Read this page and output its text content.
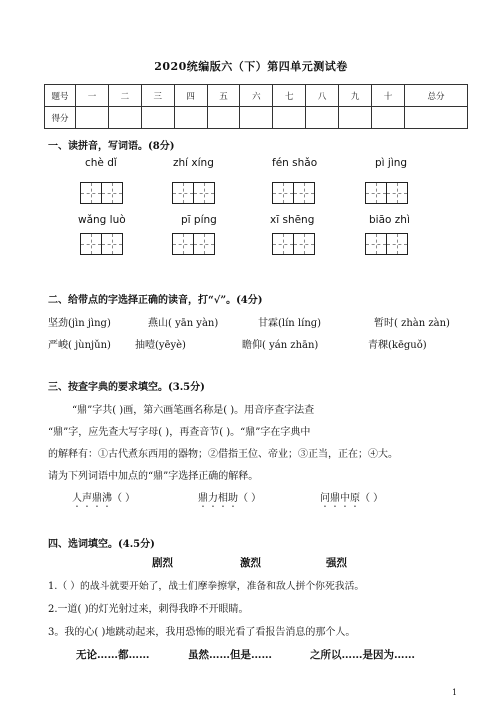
2020统编版六（下）第四单元测试卷
题号	一	二	三	四	五	六	七	八	九	十	总分
得分											
一、读拼音，写词语。(8分)
chè dǐ	zhí xíng	fén shǎo	pì jìng
wǎng luò	pī píng	xī shēng	biāo zhì
二、给带点的字选择正确的读音，打“√”。(4分)
坚劲(jìn jìng)	燕山( yān yàn)	甘霖(lín línɡ)	暂时( zhàn zàn)
严峻( jùnjǔn) 抽噎(yēyè)	瞻仰( yán zhān)	青稞(kēguǒ)
三、按查字典的要求填空。(3.5分)
“鼎”字共( )画，第六画笔画名称是( )。用音序查字法查
“鼎”字，应先查大写字母( )，再查音节( )。“鼎”字在字典中
的解释有：①古代煮东西用的器物；②借指王位、帝业；③正当，正在；④大。
请为下列词语中加点的“鼎”字选择正确的解释。
人声鼎沸（ ）	鼎力相助（ ）	问鼎中原（ ）
四、选词填空。(4.5分)
剧烈	激烈	强烈
1.（ ）的战斗就要开始了，战士们摩拳擦掌，准备和敌人拼个你死我活。
2.一道( )的灯光射过来，刺得我睁不开眼睛。
3。我的心( )地跳动起来，我用恐怖的眼光看了看报告消息的那个人。
无论……都……	虽然……但是……	之所以……是因为……
1
